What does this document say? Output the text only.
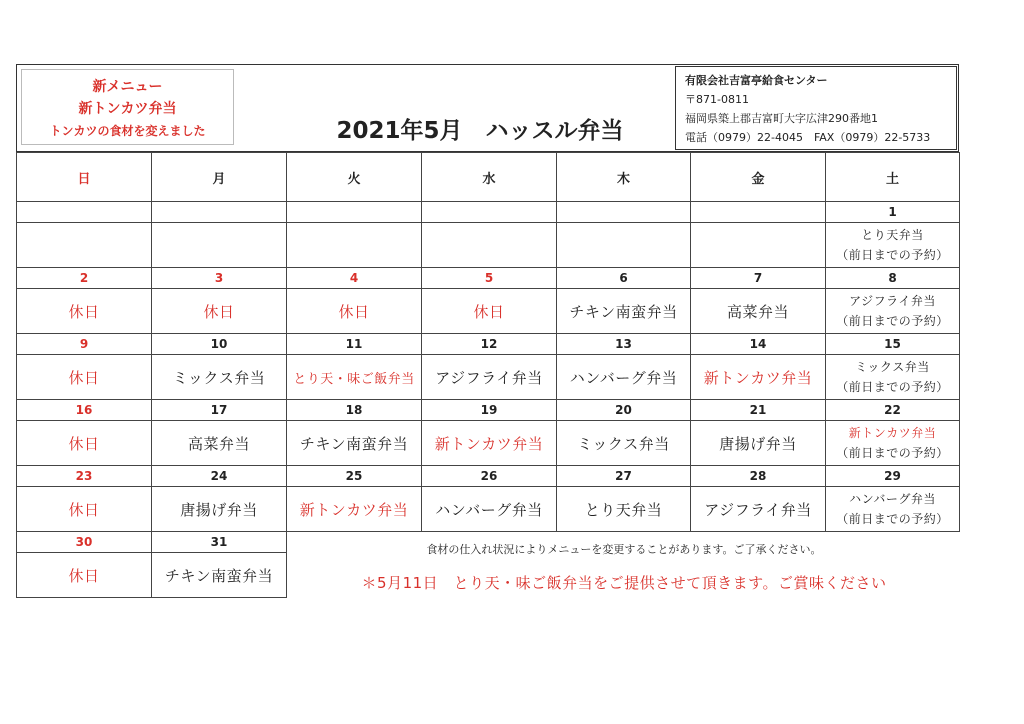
新メニュー
新トンカツ弁当
トンカツの食材を変えました	2021年5月　ハッスル弁当
有限会社吉富亭給食センター
〒871-0811
福岡県築上郡吉富町大字広津290番地1
電話（0979）22-4045　FAX（0979）22-5733
日	月	火	水	木	金	土
						1

						とり天弁当
（前日までの予約）

2	3	4	5	6	7	8
休日	休日	休日	休日	チキン南蛮弁当	高菜弁当	アジフライ弁当
（前日までの予約）

9	10	11	12	13	14	15
休日	ミックス弁当	とり天・味ご飯弁当	アジフライ弁当	ハンバーグ弁当	新トンカツ弁当	ミックス弁当
（前日までの予約）

16	17	18	19	20	21	22
休日	高菜弁当	チキン南蛮弁当	新トンカツ弁当	ミックス弁当	唐揚げ弁当	新トンカツ弁当
（前日までの予約）

23	24	25	26	27	28	29
休日	唐揚げ弁当	新トンカツ弁当	ハンバーグ弁当	とり天弁当	アジフライ弁当	ハンバーグ弁当
（前日までの予約）

30	31					
休日	チキン南蛮弁当					
食材の仕入れ状況によりメニューを変更することがあります。ご了承ください。
＊5月11日　とり天・味ご飯弁当をご提供させて頂きます。ご賞味ください
